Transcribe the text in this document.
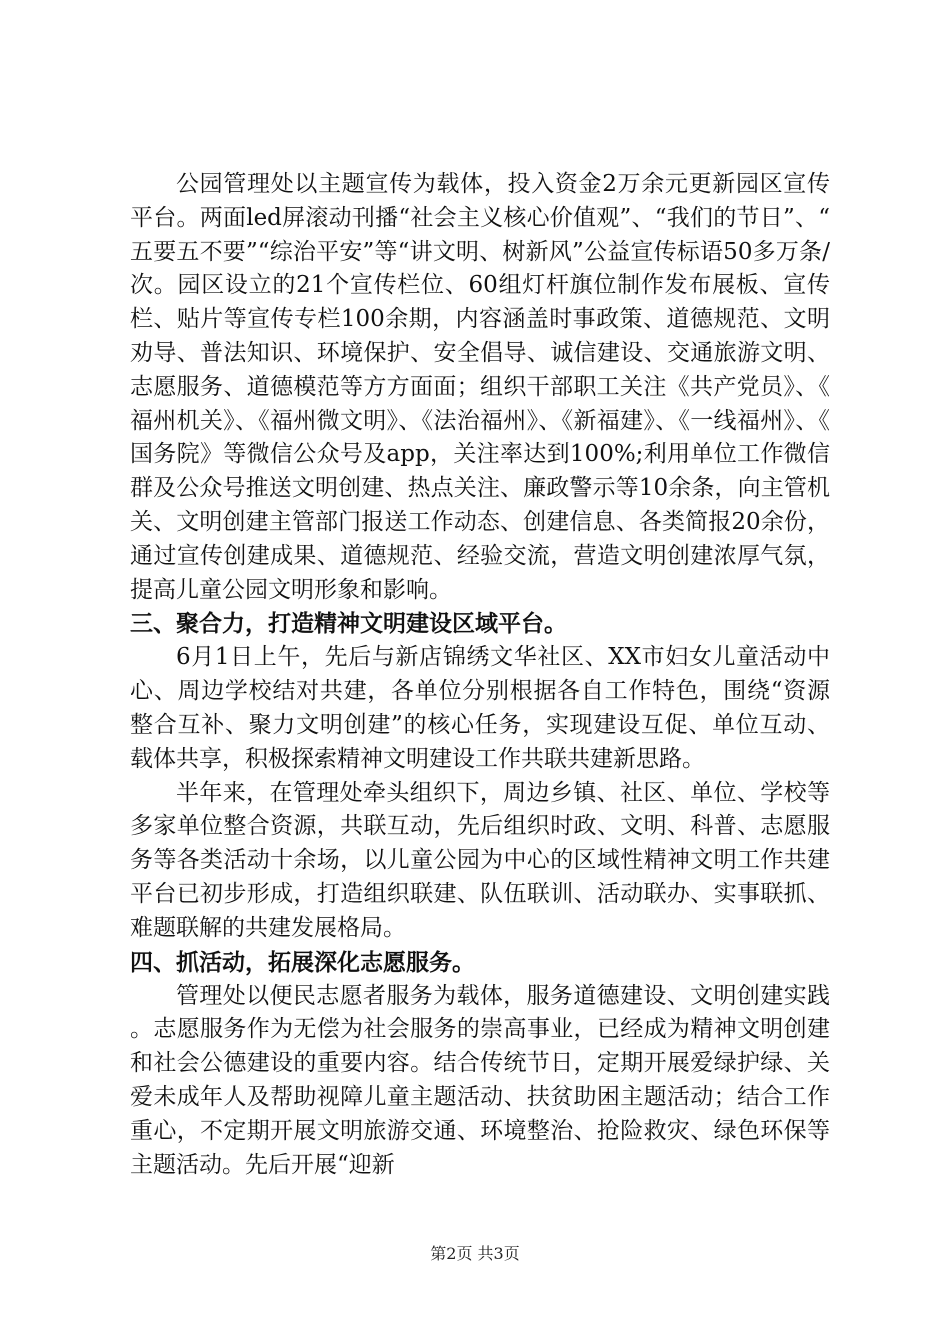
公园管理处以主题宣传为载体，投入资金2万余元更新园区宣传平台。两面led屏滚动刊播“社会主义核心价值观”、“我们的节日”、“五要五不要”“综治平安”等“讲文明、树新风”公益宣传标语50多万条/次。园区设立的21个宣传栏位、60组灯杆旗位制作发布展板、宣传栏、贴片等宣传专栏100余期，内容涵盖时事政策、道德规范、文明劝导、普法知识、环境保护、安全倡导、诚信建设、交通旅游文明、志愿服务、道德模范等方方面面；组织干部职工关注《共产党员》、《福州机关》、《福州微文明》、《法治福州》、《新福建》、《一线福州》、《国务院》等微信公众号及app，关注率达到100%;利用单位工作微信群及公众号推送文明创建、热点关注、廉政警示等10余条，向主管机关、文明创建主管部门报送工作动态、创建信息、各类简报20余份，通过宣传创建成果、道德规范、经验交流，营造文明创建浓厚气氛，提高儿童公园文明形象和影响。

三、聚合力，打造精神文明建设区域平台。

6月1日上午，先后与新店锦绣文华社区、XX市妇女儿童活动中心、周边学校结对共建，各单位分别根据各自工作特色，围绕“资源整合互补、聚力文明创建”的核心任务，实现建设互促、单位互动、载体共享，积极探索精神文明建设工作共联共建新思路。

半年来，在管理处牵头组织下，周边乡镇、社区、单位、学校等多家单位整合资源，共联互动，先后组织时政、文明、科普、志愿服务等各类活动十余场，以儿童公园为中心的区域性精神文明工作共建平台已初步形成，打造组织联建、队伍联训、活动联办、实事联抓、难题联解的共建发展格局。

四、抓活动，拓展深化志愿服务。

管理处以便民志愿者服务为载体，服务道德建设、文明创建实践。志愿服务作为无偿为社会服务的崇高事业，已经成为精神文明创建和社会公德建设的重要内容。结合传统节日，定期开展爱绿护绿、关爱未成年人及帮助视障儿童主题活动、扶贫助困主题活动；结合工作重心，不定期开展文明旅游交通、环境整治、抢险救灾、绿色环保等主题活动。先后开展“迎新

第2页 共3页
